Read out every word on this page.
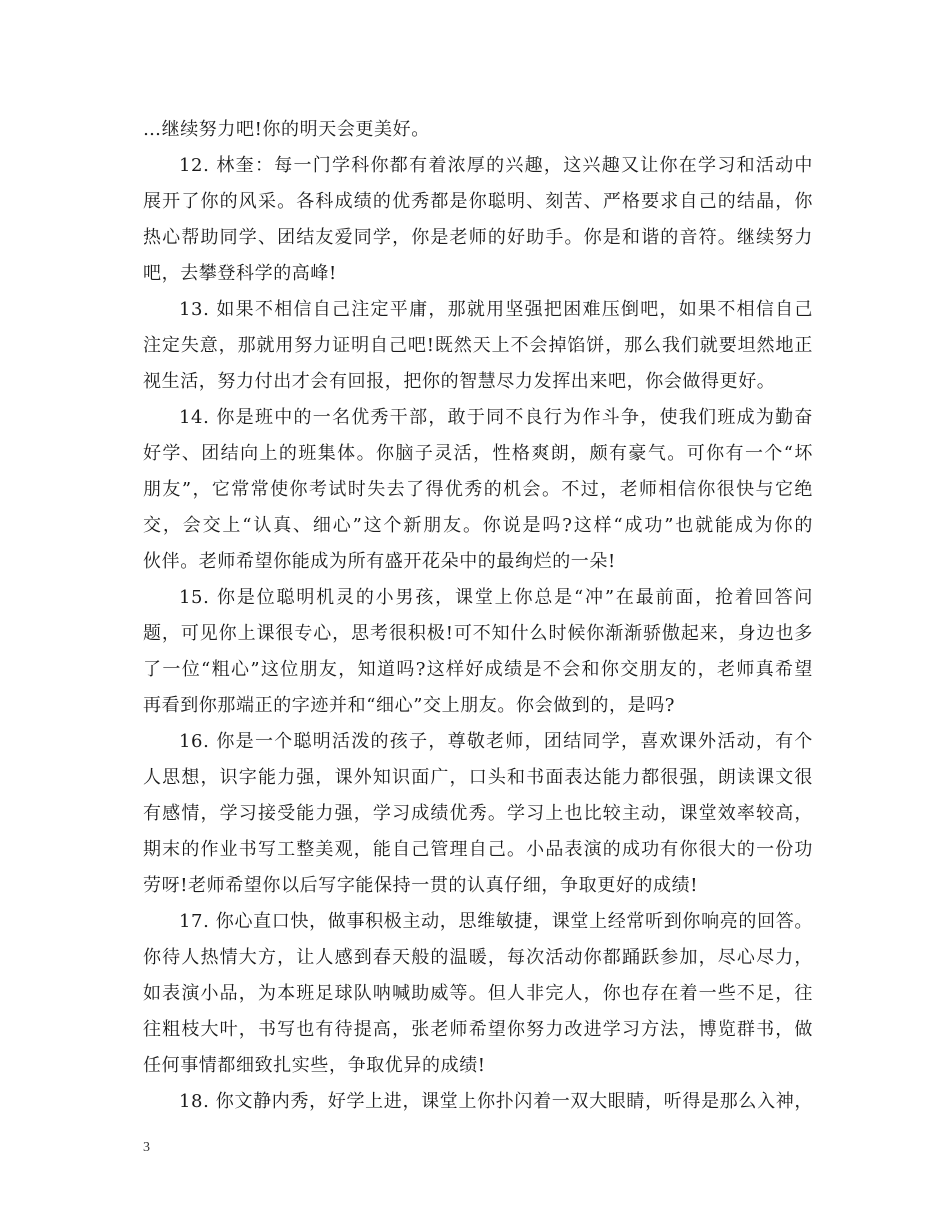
…继续努力吧!你的明天会更美好。
12. 林奎：每一门学科你都有着浓厚的兴趣，这兴趣又让你在学习和活动中
展开了你的风采。各科成绩的优秀都是你聪明、刻苦、严格要求自己的结晶，你
热心帮助同学、团结友爱同学，你是老师的好助手。你是和谐的音符。继续努力
吧，去攀登科学的高峰!
13. 如果不相信自己注定平庸，那就用坚强把困难压倒吧，如果不相信自己
注定失意，那就用努力证明自己吧!既然天上不会掉馅饼，那么我们就要坦然地正
视生活，努力付出才会有回报，把你的智慧尽力发挥出来吧，你会做得更好。
14. 你是班中的一名优秀干部，敢于同不良行为作斗争，使我们班成为勤奋
好学、团结向上的班集体。你脑子灵活，性格爽朗，颇有豪气。可你有一个“坏
朋友”，它常常使你考试时失去了得优秀的机会。不过，老师相信你很快与它绝
交，会交上“认真、细心”这个新朋友。你说是吗?这样“成功”也就能成为你的
伙伴。老师希望你能成为所有盛开花朵中的最绚烂的一朵!
15. 你是位聪明机灵的小男孩，课堂上你总是“冲”在最前面，抢着回答问
题，可见你上课很专心，思考很积极!可不知什么时候你渐渐骄傲起来，身边也多
了一位“粗心”这位朋友，知道吗?这样好成绩是不会和你交朋友的，老师真希望
再看到你那端正的字迹并和“细心”交上朋友。你会做到的，是吗?
16. 你是一个聪明活泼的孩子，尊敬老师，团结同学，喜欢课外活动，有个
人思想，识字能力强，课外知识面广，口头和书面表达能力都很强，朗读课文很
有感情，学习接受能力强，学习成绩优秀。学习上也比较主动，课堂效率较高，
期末的作业书写工整美观，能自己管理自己。小品表演的成功有你很大的一份功
劳呀!老师希望你以后写字能保持一贯的认真仔细，争取更好的成绩!
17. 你心直口快，做事积极主动，思维敏捷，课堂上经常听到你响亮的回答。
你待人热情大方，让人感到春天般的温暖，每次活动你都踊跃参加，尽心尽力，
如表演小品，为本班足球队呐喊助威等。但人非完人，你也存在着一些不足，往
往粗枝大叶，书写也有待提高，张老师希望你努力改进学习方法，博览群书，做
任何事情都细致扎实些，争取优异的成绩!
18. 你文静内秀，好学上进，课堂上你扑闪着一双大眼睛，听得是那么入神，
3
